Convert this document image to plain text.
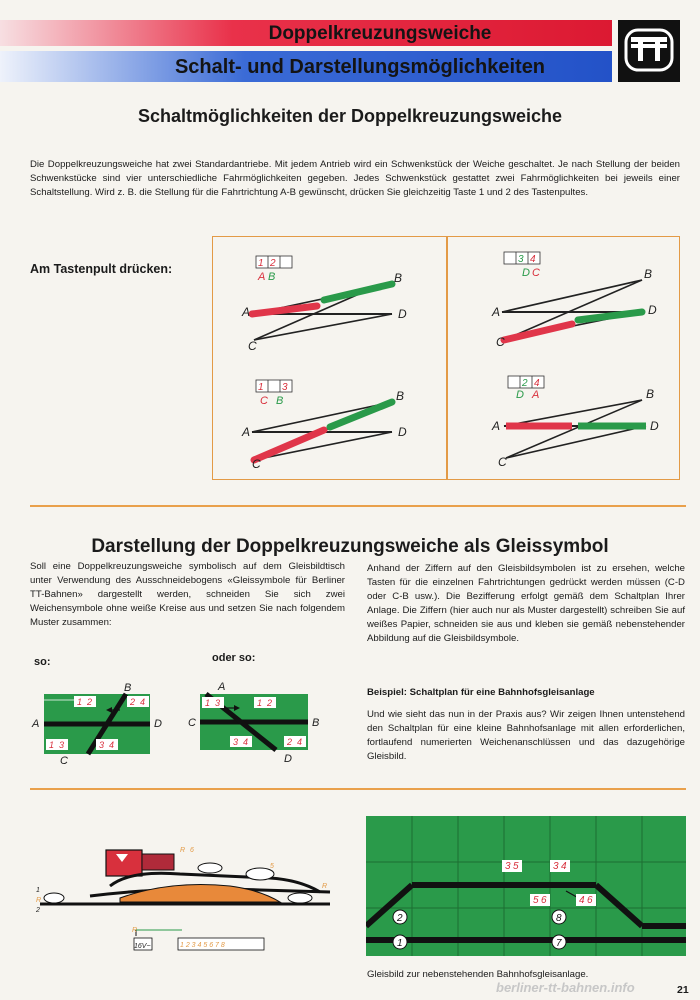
Doppelkreuzungsweiche
Schalt- und Darstellungsmöglichkeiten
Schaltmöglichkeiten der Doppelkreuzungsweiche
Die Doppelkreuzungsweiche hat zwei Standardantriebe. Mit jedem Antrieb wird ein Schwenkstück der Weiche geschaltet. Je nach Stellung der beiden Schwenkstücke sind vier unterschiedliche Fahrmöglichkeiten gegeben. Jedes Schwenkstück gestattet zwei Fahrmöglichkeiten bei jeweils einer Schaltstellung. Wird z. B. die Stellung für die Fahrtrichtung A-B gewünscht, drücken Sie gleichzeitig Taste 1 und 2 des Tastenpultes.
Am Tastenpult drücken:	1 2
A B
A
B
C
D
3 4
D C
A
B
C
D
1 3
C B
A
B
C
D
2 4
D A
A
B
C
D
Darstellung der Doppelkreuzungsweiche als Gleissymbol
Soll eine Doppelkreuzungsweiche symbolisch auf dem Gleisbildtisch unter Verwendung des Ausschneidebogens «Gleissymbole für Berliner TT-Bahnen» dargestellt werden, schneiden Sie sich zwei Weichensymbole ohne weiße Kreise aus und setzen Sie nach folgendem Muster zusammen:
Anhand der Ziffern auf den Gleisbildsymbolen ist zu ersehen, welche Tasten für die einzelnen Fahrtrichtungen gedrückt werden müssen (C-D oder C-B usw.). Die Bezifferung erfolgt gemäß dem Schaltplan Ihrer Anlage. Die Ziffern (hier auch nur als Muster dargestellt) schreiben Sie auf weißes Papier, schneiden sie aus und kleben sie gemäß nebenstehender Abbildung auf die Gleisbildsymbole.
so:	oder so:
1 2	2 4
1 3	3 4
A
B
C
D
1 3	1 2
3 4	2 4
A
C	B
D
Beispiel: Schaltplan für eine Bahnhofsgleisanlage
Und wie sieht das nun in der Praxis aus? Wir zeigen Ihnen untenstehend den Schaltplan für eine kleine Bahnhofsanlage mit allen erforderlichen, fortlaufend numerierten Weichenanschlüssen und das dazugehörige Gleisbild.
R 6
1
R
2
5
R
R
16V~	1 2 3 4 5 6 7 8
3 5	3 4
5 6	4 6
2	8
1	7
Gleisbild zur nebenstehenden Bahnhofsgleisanlage.
berliner-tt-bahnen.info	21
